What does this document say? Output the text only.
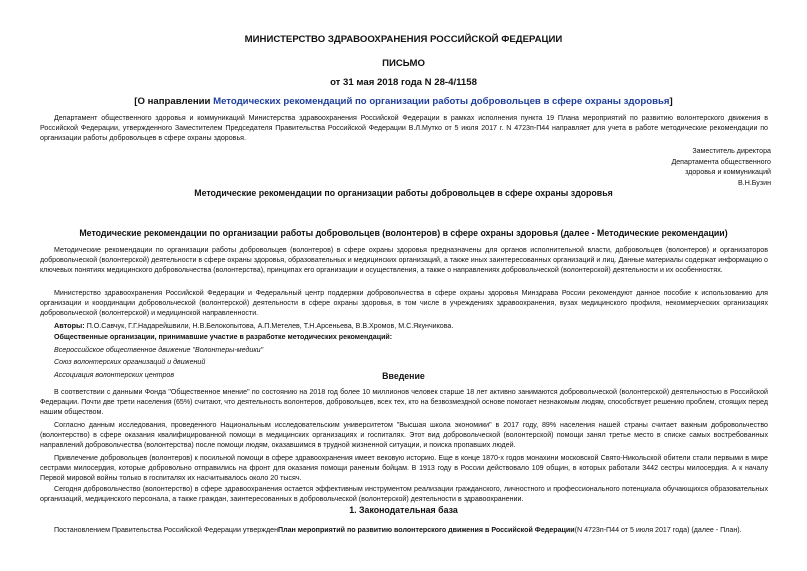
МИНИСТЕРСТВО ЗДРАВООХРАНЕНИЯ РОССИЙСКОЙ ФЕДЕРАЦИИ
ПИСЬМО
от 31 мая 2018 года N 28-4/1158
[О направлении Методических рекомендаций по организации работы добровольцев в сфере охраны здоровья]
Департамент общественного здоровья и коммуникаций Министерства здравоохранения Российской Федерации в рамках исполнения пункта 19 Плана мероприятий по развитию волонтерского движения в Российской Федерации, утвержденного Заместителем Председателя Правительства Российской Федерации В.Л.Мутко от 5 июля 2017 г. N 4723п-П44 направляет для учета в работе методические рекомендации по организации работы добровольцев в сфере охраны здоровья.
Заместитель директора
Департамента общественного
здоровья и коммуникаций
В.Н.Бузин
Методические рекомендации по организации работы добровольцев в сфере охраны здоровья
Методические рекомендации по организации работы добровольцев (волонтеров) в сфере охраны здоровья (далее - Методические рекомендации)
Методические рекомендации по организации работы добровольцев (волонтеров) в сфере охраны здоровья предназначены для органов исполнительной власти, добровольцев (волонтеров) и организаторов добровольческой (волонтерской) деятельности в сфере охраны здоровья, образовательных и медицинских организаций, а также иных заинтересованных организаций и лиц. Данные материалы содержат информацию о ключевых понятиях медицинского добровольчества (волонтерства), принципах его организации и осуществления, а также о направлениях добровольческой (волонтерской) деятельности и их особенностях.
Министерство здравоохранения Российской Федерации и Федеральный центр поддержки добровольчества в сфере охраны здоровья Минздрава России рекомендуют данное пособие к использованию для организации и координации добровольческой (волонтерской) деятельности в сфере охраны здоровья, в том числе в учреждениях здравоохранения, вузах медицинского профиля, некоммерческих организациях добровольческой (волонтерской) и медицинской направленности.
Авторы: П.О.Савчук, Г.Г.Надарейшвили, Н.В.Белокопытова, А.П.Метелев, Т.Н.Арсеньева, В.В.Хромов, М.С.Якунчикова.
Общественные организации, принимавшие участие в разработке методических рекомендаций:
Всероссийское общественное движение "Волонтеры-медики"
Союз волонтерских организаций и движений
Ассоциация волонтерских центров	Введение
В соответствии с данными Фонда "Общественное мнение" по состоянию на 2018 год более 10 миллионов человек старше 18 лет активно занимаются добровольческой (волонтерской) деятельностью в Российской Федерации. Почти две трети населения (65%) считают, что деятельность волонтеров, добровольцев, всех тех, кто на безвозмездной основе помогает незнакомым людям, способствует решению проблем, стоящих перед нашим обществом.
Согласно данным исследования, проведенного Национальным исследовательским университетом "Высшая школа экономики" в 2017 году, 89% населения нашей страны считает важным добровольчество (волонтерство) в сфере оказания квалифицированной помощи в медицинских организациях и госпиталях. Этот вид добровольческой (волонтерской) помощи занял третье место в списке самых востребованных направлений добровольчества (волонтерства) после помощи людям, оказавшимся в трудной жизненной ситуации, и поиска пропавших людей.
Привлечение добровольцев (волонтеров) к посильной помощи в сфере здравоохранения имеет вековую историю. Еще в конце 1870-х годов монахини московской Свято-Никольской обители стали первыми в мире сестрами милосердия, которые добровольно отправились на фронт для оказания помощи раненым бойцам. В 1913 году в России действовало 109 общин, в которых работали 3442 сестры милосердия. А к началу Первой мировой войны только в госпиталях их насчитывалось около 20 тысяч.
Сегодня добровольчество (волонтерство) в сфере здравоохранения остается эффективным инструментом реализации гражданского, личностного и профессионального потенциала обучающихся образовательных организаций, медицинского персонала, а также граждан, заинтересованных в добровольческой (волонтерской) деятельности в здравоохранении.
1. Законодательная база
Постановлением Правительства Российской Федерации утвержденПлан мероприятий по развитию волонтерского движения в Российской Федерации(N 4723п-П44 от 5 июля 2017 года) (далее - План).
